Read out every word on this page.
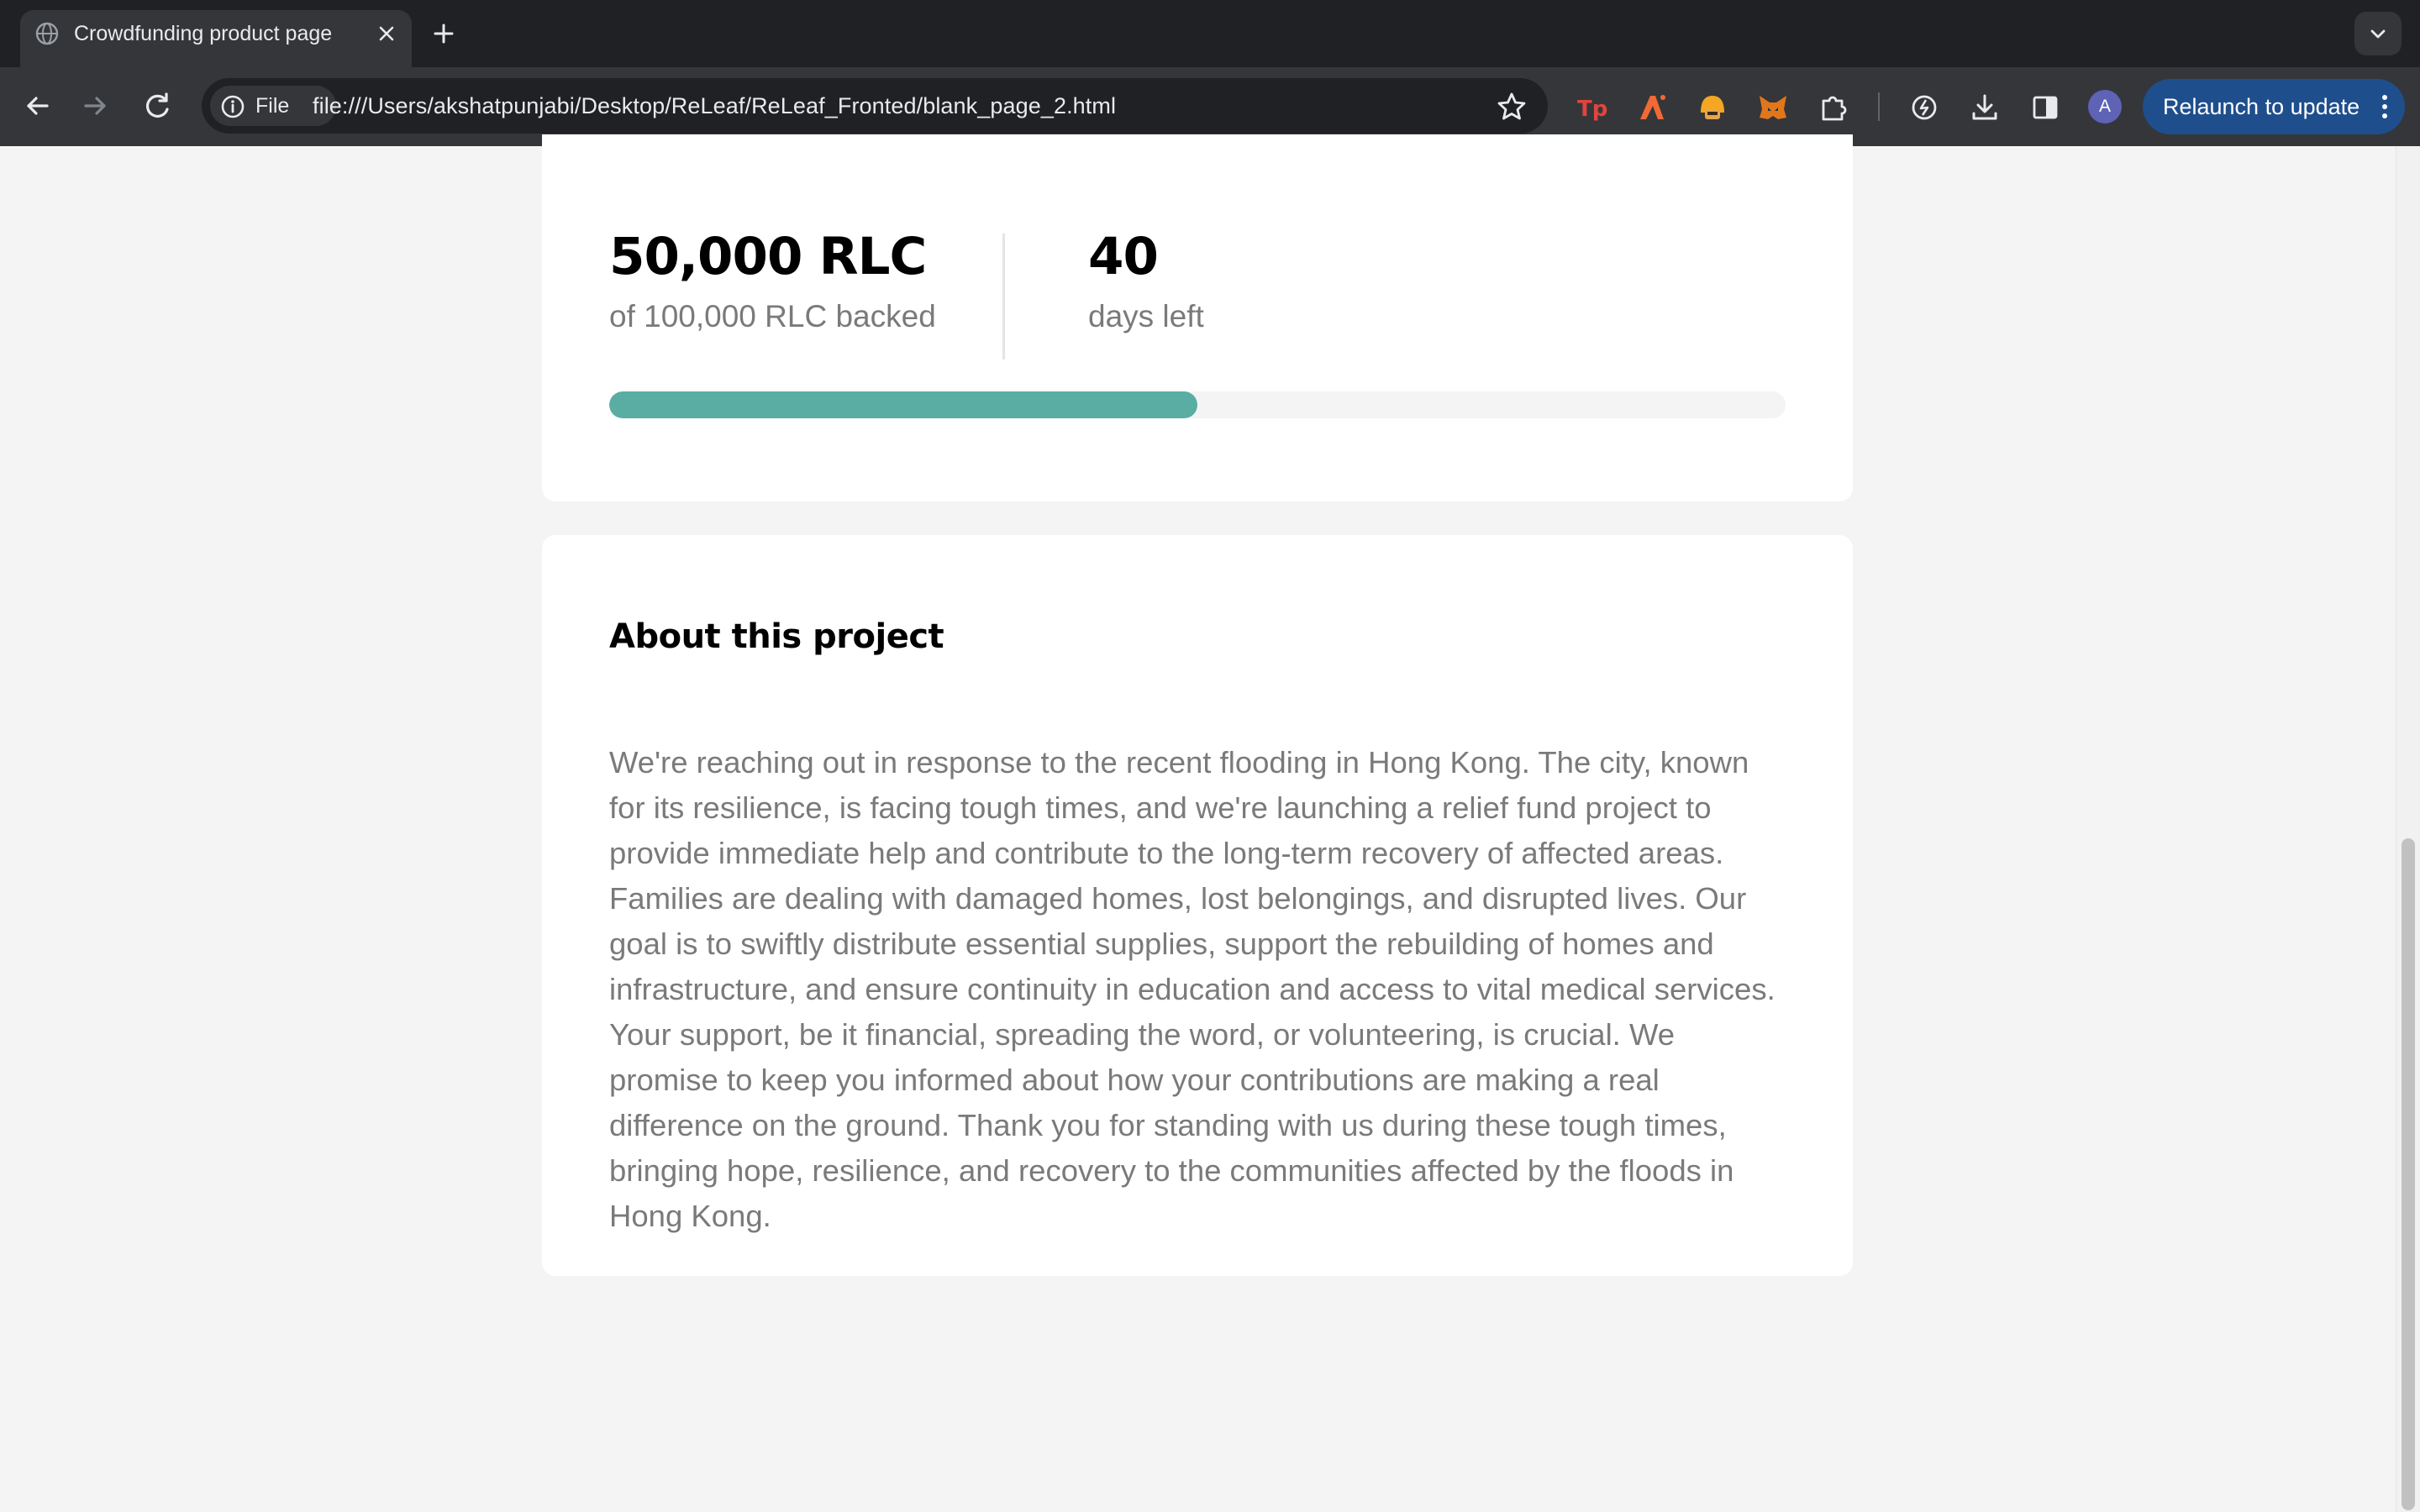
Crowdfunding product page
File file:///Users/akshatpunjabi/Desktop/ReLeaf/ReLeaf_Fronted/blank_page_2.html	Tp	A	Relaunch to update
50,000 RLC
of 100,000 RLC backed
40
days left
About this project
We're reaching out in response to the recent flooding in Hong Kong. The city, known for its resilience, is facing tough times, and we're launching a relief fund project to provide immediate help and contribute to the long-term recovery of affected areas. Families are dealing with damaged homes, lost belongings, and disrupted lives. Our goal is to swiftly distribute essential supplies, support the rebuilding of homes and infrastructure, and ensure continuity in education and access to vital medical services. Your support, be it financial, spreading the word, or volunteering, is crucial. We promise to keep you informed about how your contributions are making a real difference on the ground. Thank you for standing with us during these tough times, bringing hope, resilience, and recovery to the communities affected by the floods in Hong Kong.
